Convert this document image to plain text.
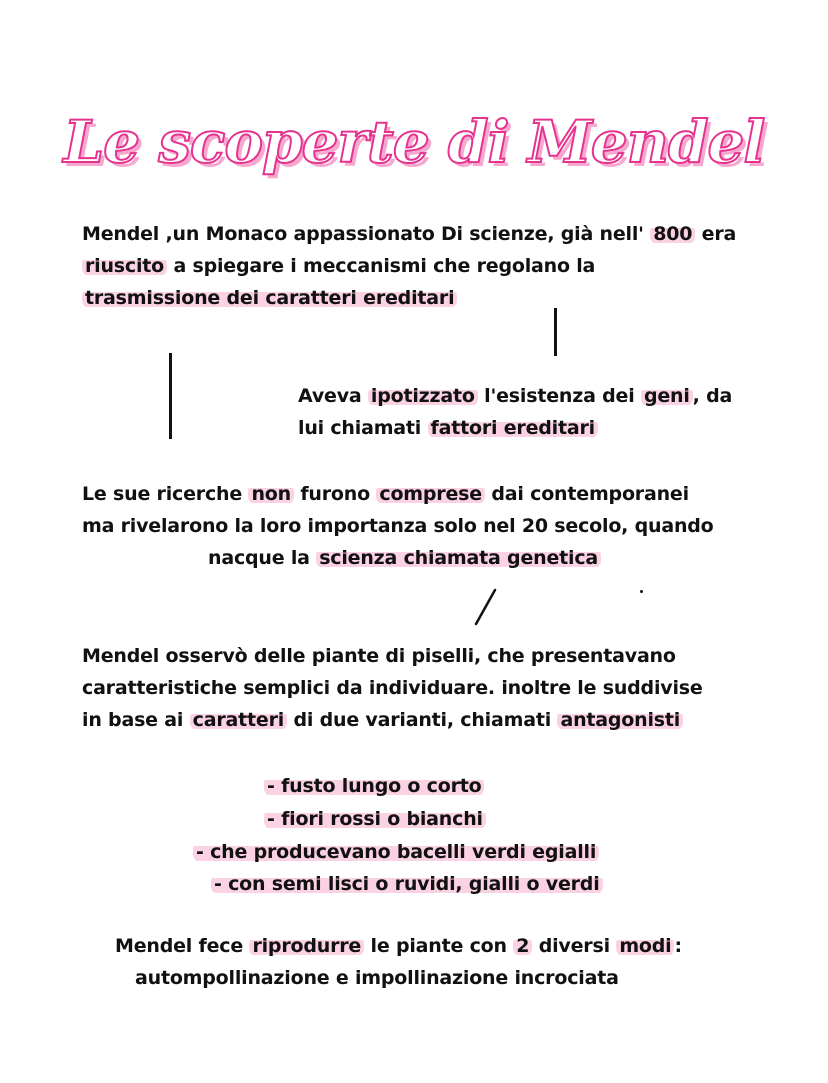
Le scoperte di Mendel
Mendel ,un Monaco appassionato Di scienze, già nell' 800 era
riuscito a spiegare i meccanismi che regolano la
trasmissione dei caratteri ereditari
Aveva ipotizzato l'esistenza dei geni , da
lui chiamati fattori ereditari
Le sue ricerche non furono comprese dai contemporanei
ma rivelarono la loro importanza solo nel 20 secolo, quando
nacque la scienza chiamata genetica
Mendel osservò delle piante di piselli, che presentavano
caratteristiche semplici da individuare. inoltre le suddivise
in base ai caratteri di due varianti, chiamati antagonisti
- fusto lungo o corto
- fiori rossi o bianchi
- che producevano bacelli verdi egialli
- con semi lisci o ruvidi, gialli o verdi
Mendel fece riprodurre le piante con 2 diversi modi :
autompollinazione e impollinazione incrociata
